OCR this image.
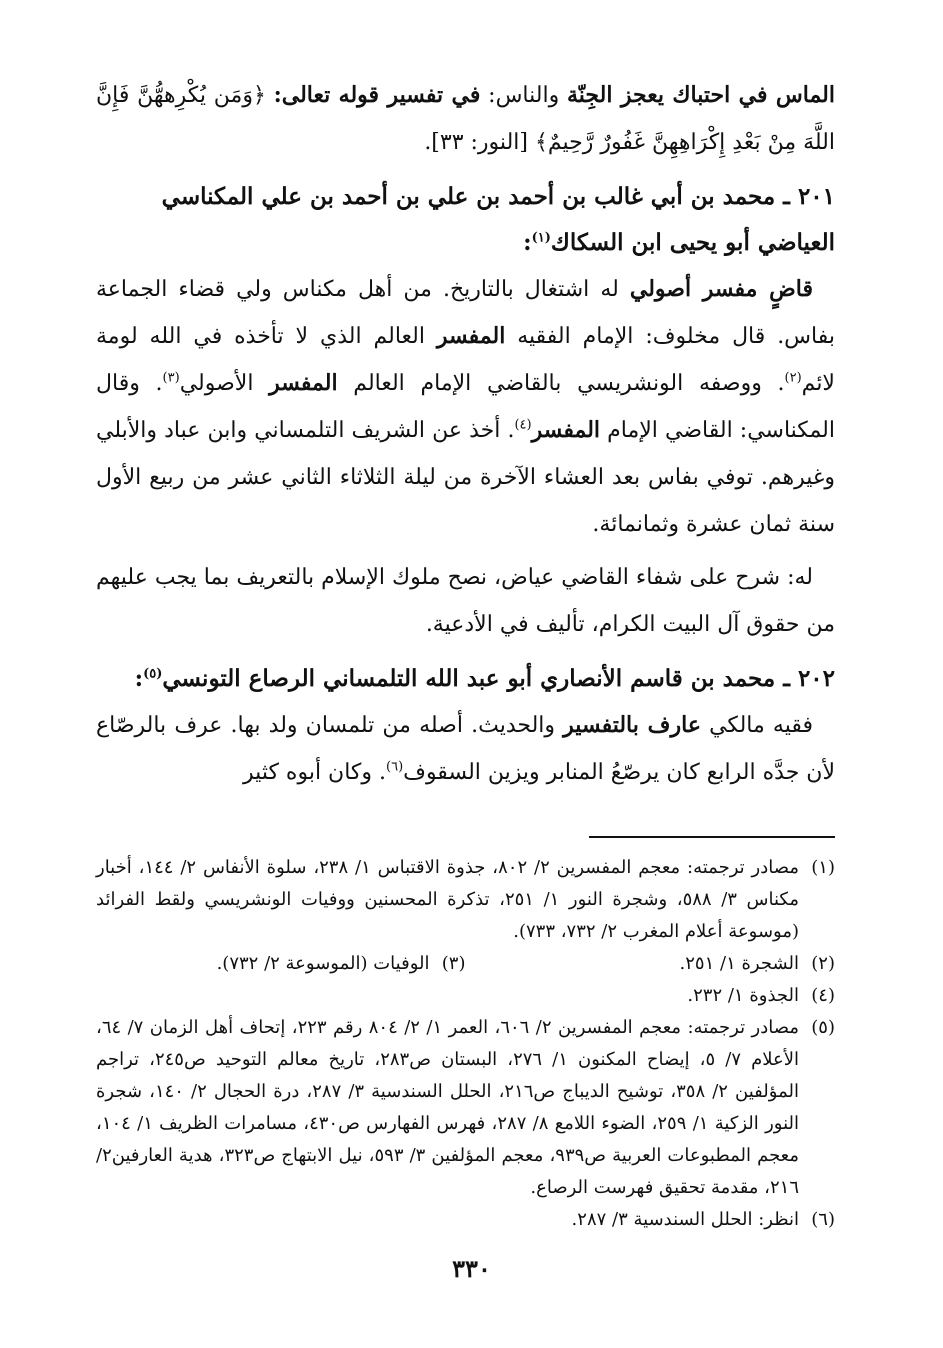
الماس في احتباك يعجز الجِنّة والناس: في تفسير قوله تعالى: ﴿وَمَن يُكْرِههُّنَّ فَإِنَّ اللَّهَ مِنْ بَعْدِ إِكْرَاهِهِنَّ غَفُورٌ رَّحِيمٌ﴾ [النور: ٣٣].

٢٠١ ـ محمد بن أبي غالب بن أحمد بن علي بن أحمد بن علي المكناسي العياضي أبو يحيى ابن السكاك$^{(١)}$:

 قاضٍ مفسر أصولي له اشتغال بالتاريخ. من أهل مكناس ولي قضاء الجماعة بفاس. قال مخلوف: الإمام الفقيه المفسر العالم الذي لا تأخذه في الله لومة لائم$^{(٢)}$. ووصفه الونشريسي بالقاضي الإمام العالم المفسر الأصولي$^{(٣)}$. وقال المكناسي: القاضي الإمام المفسر$^{(٤)}$. أخذ عن الشريف التلمساني وابن عباد والأبلي وغيرهم. توفي بفاس بعد العشاء الآخرة من ليلة الثلاثاء الثاني عشر من ربيع الأول سنة ثمان عشرة وثمانمائة.

 له: شرح على شفاء القاضي عياض، نصح ملوك الإسلام بالتعريف بما يجب عليهم من حقوق آل البيت الكرام، تأليف في الأدعية.

٢٠٢ ـ محمد بن قاسم الأنصاري أبو عبد الله التلمساني الرصاع التونسي$^{(٥)}$:

 فقيه مالكي عارف بالتفسير والحديث. أصله من تلمسان ولد بها. عرف بالرصّاع لأن جدَّه الرابع كان يرصّعُ المنابر ويزين السقوف$^{(٦)}$. وكان أبوه كثير

(١)
مصادر ترجمته: معجم المفسرين ٢/ ٨٠٢، جذوة الاقتباس ١/ ٢٣٨، سلوة الأنفاس ٢/ ١٤٤، أخبار مكناس ٣/ ٥٨٨، وشجرة النور ١/ ٢٥١، تذكرة المحسنين ووفيات الونشريسي ولقط الفرائد (موسوعة أعلام المغرب ٢/ ٧٣٢، ٧٣٣).
(٢)
الشجرة ١/ ٢٥١.
(٣)
الوفيات (الموسوعة ٢/ ٧٣٢).
(٤)
الجذوة ١/ ٢٣٢.
(٥)
مصادر ترجمته: معجم المفسرين ٢/ ٦٠٦، العمر ١/ ٢/ ٨٠٤ رقم ٢٢٣، إتحاف أهل الزمان ٧/ ٦٤، الأعلام ٧/ ٥، إيضاح المكنون ١/ ٢٧٦، البستان ص٢٨٣، تاريخ معالم التوحيد ص٢٤٥، تراجم المؤلفين ٢/ ٣٥٨، توشيح الديباج ص٢١٦، الحلل السندسية ٣/ ٢٨٧، درة الحجال ٢/ ١٤٠، شجرة النور الزكية ١/ ٢٥٩، الضوء اللامع ٨/ ٢٨٧، فهرس الفهارس ص٤٣٠، مسامرات الظريف ١/ ١٠٤، معجم المطبوعات العربية ص٩٣٩، معجم المؤلفين ٣/ ٥٩٣، نيل الابتهاج ص٣٢٣، هدية العارفين٢/ ٢١٦، مقدمة تحقيق فهرست الرصاع.
(٦)
انظر: الحلل السندسية ٣/ ٢٨٧.
٣٣٠
